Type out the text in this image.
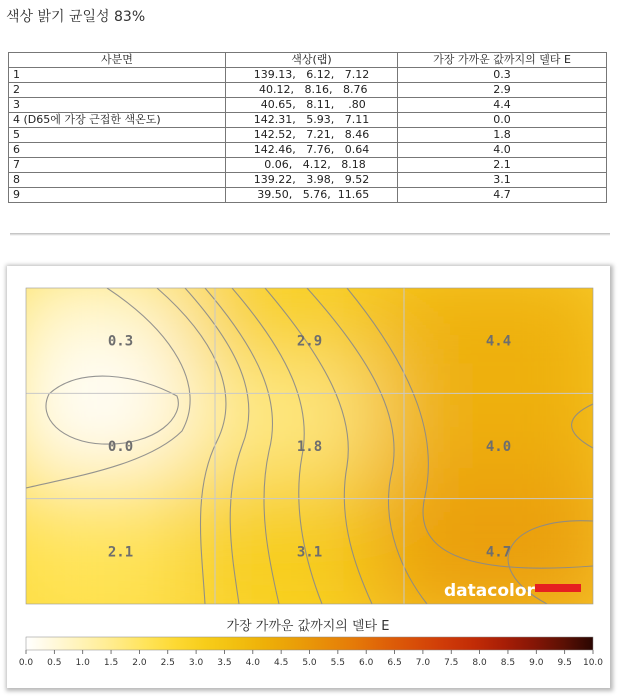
색상 밝기 균일성 83%
사분면	색상(랩)	가장 가까운 값까지의 델타 E
1	139.13,   6.12,   7.12	0.3
2	40.12,   8.16,   8.76	2.9
3	40.65,   8.11,    .80	4.4
4 (D65에 가장 근접한 색온도)	142.31,   5.93,   7.11	0.0
5	142.52,   7.21,   8.46	1.8
6	142.46,   7.76,   0.64	4.0
7	0.06,   4.12,   8.18	2.1
8	139.22,   3.98,   9.52	3.1
9	39.50,   5.76,  11.65	4.7
0.3	2.9	4.4
0.0	1.8	4.0
2.1	3.1	4.7
datacolor
가장 가까운 값까지의 델타 E
0.0 0.5 1.0 1.5 2.0 2.5 3.0 3.5 4.0 4.5 5.0 5.5 6.0 6.5 7.0 7.5 8.0 8.5 9.0 9.5 10.0
